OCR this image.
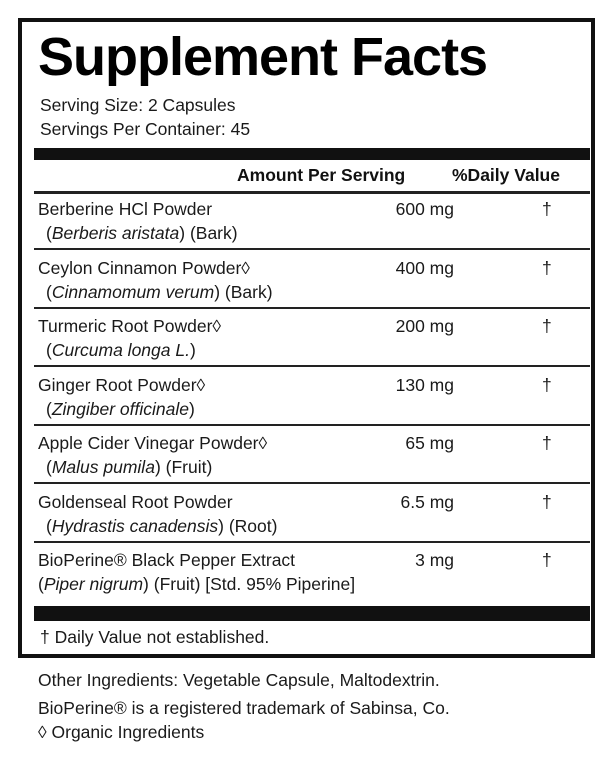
Supplement Facts
Serving Size: 2 Capsules
Servings Per Container: 45
Amount Per Serving	%Daily Value
Berberine HCl Powder
(Berberis aristata) (Bark)
600 mg	†
Ceylon Cinnamon Powder◊
(Cinnamomum verum) (Bark)
400 mg	†
Turmeric Root Powder◊
(Curcuma longa L.)
200 mg	†
Ginger Root Powder◊
(Zingiber officinale)
130 mg	†
Apple Cider Vinegar Powder◊
(Malus pumila) (Fruit)
65 mg	†
Goldenseal Root Powder
(Hydrastis canadensis) (Root)
6.5 mg	†
BioPerine® Black Pepper Extract
(Piper nigrum) (Fruit) [Std. 95% Piperine]
3 mg	†
† Daily Value not established.
Other Ingredients: Vegetable Capsule, Maltodextrin.
BioPerine® is a registered trademark of Sabinsa, Co.
◊ Organic Ingredients
